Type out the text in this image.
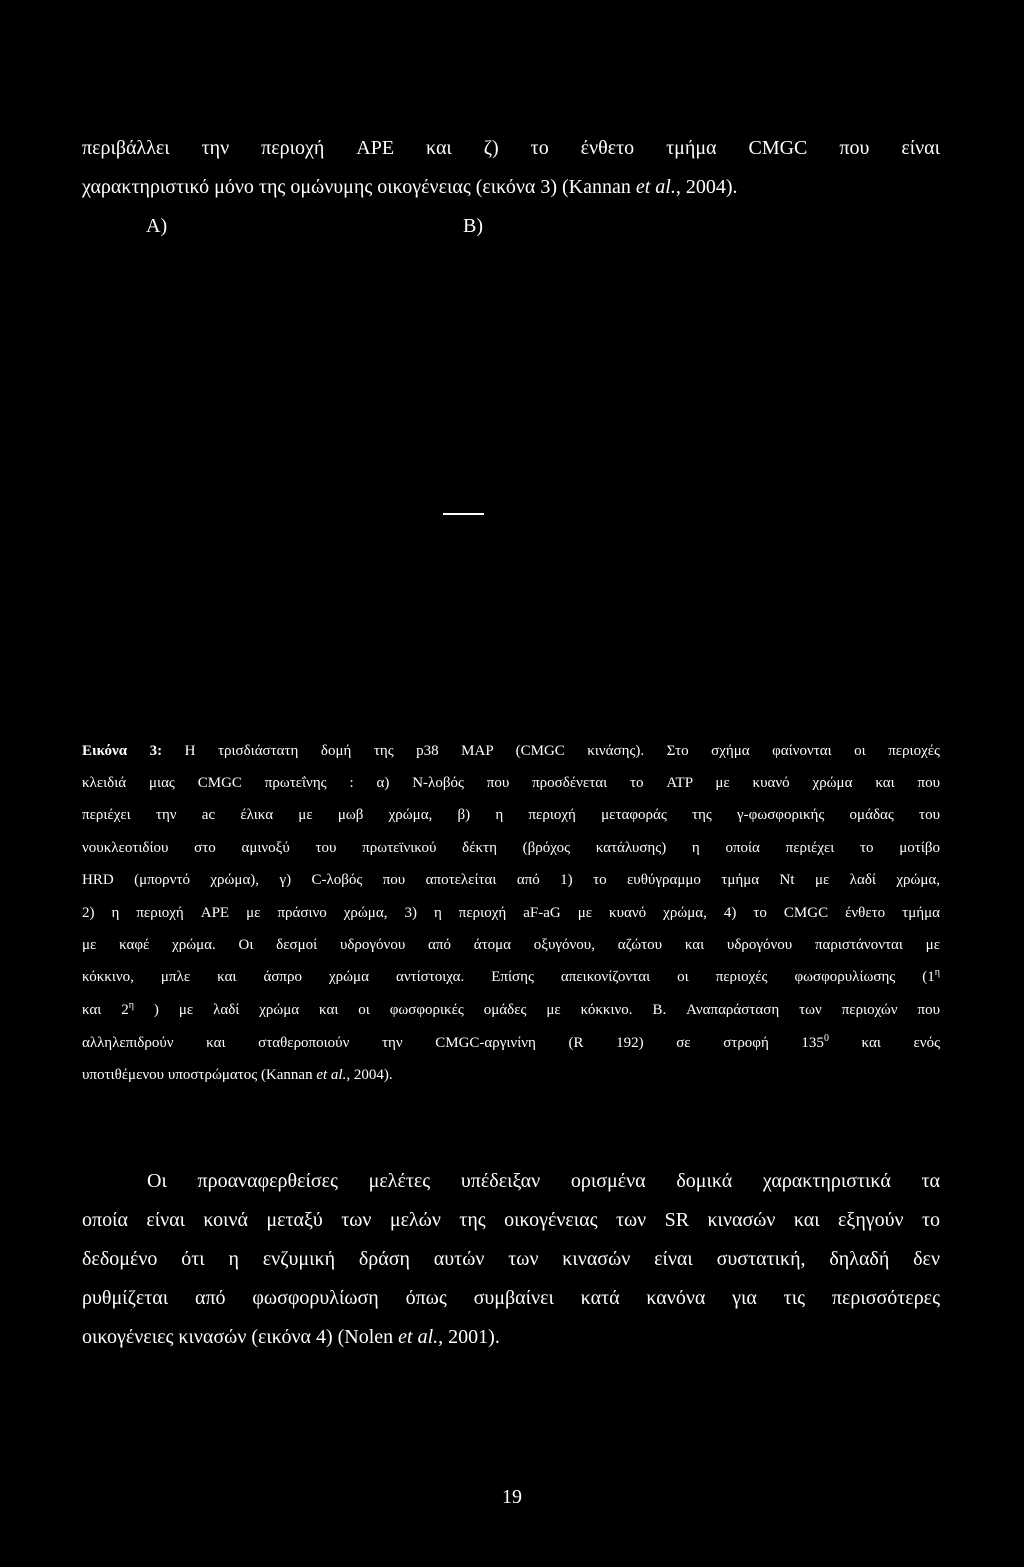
περιβάλλει την περιοχή APE και ζ) το ένθετο τμήμα CMGC που είναι
χαρακτηριστικό μόνο της ομώνυμης οικογένειας (εικόνα 3) (Kannan et al., 2004).
A)	B)
Εικόνα 3: Η τρισδιάστατη δομή της p38 MAP (CMGC κινάσης). Στο σχήμα φαίνονται οι περιοχές
κλειδιά μιας CMGC πρωτεΐνης : α) Ν-λοβός που προσδένεται το ATP με κυανό χρώμα και που
περιέχει την ac έλικα με μωβ χρώμα, β) η περιοχή μεταφοράς της γ-φωσφορικής ομάδας του
νουκλεοτιδίου στο αμινοξύ του πρωτεϊνικού δέκτη (βρόχος κατάλυσης) η οποία περιέχει το μοτίβο
HRD (μπορντό χρώμα), γ) C-λοβός που αποτελείται από 1) το ευθύγραμμο τμήμα Nt με λαδί χρώμα,
2) η περιοχή APE με πράσινο χρώμα, 3) η περιοχή aF-aG με κυανό χρώμα, 4) το CMGC ένθετο τμήμα
με καφέ χρώμα. Οι δεσμοί υδρογόνου από άτομα οξυγόνου, αζώτου και υδρογόνου παριστάνονται με
κόκκινο, μπλε και άσπρο χρώμα αντίστοιχα. Επίσης απεικονίζονται οι περιοχές φωσφορυλίωσης ($1^\eta$
και $2^\eta$ ) με λαδί χρώμα και οι φωσφορικές ομάδες με κόκκινο. B. Αναπαράσταση των περιοχών που
αλληλεπιδρούν και σταθεροποιούν την CMGC-αργινίνη (R 192) σε στροφή $135^0$ και ενός
υποτιθέμενου υποστρώματος (Kannan et al., 2004).
Οι προαναφερθείσες μελέτες υπέδειξαν ορισμένα δομικά χαρακτηριστικά τα
οποία είναι κοινά μεταξύ των μελών της οικογένειας των SR κινασών και εξηγούν το
δεδομένο ότι η ενζυμική δράση αυτών των κινασών είναι συστατική, δηλαδή δεν
ρυθμίζεται από φωσφορυλίωση όπως συμβαίνει κατά κανόνα για τις περισσότερες
οικογένειες κινασών (εικόνα 4) (Nolen et al., 2001).
19
